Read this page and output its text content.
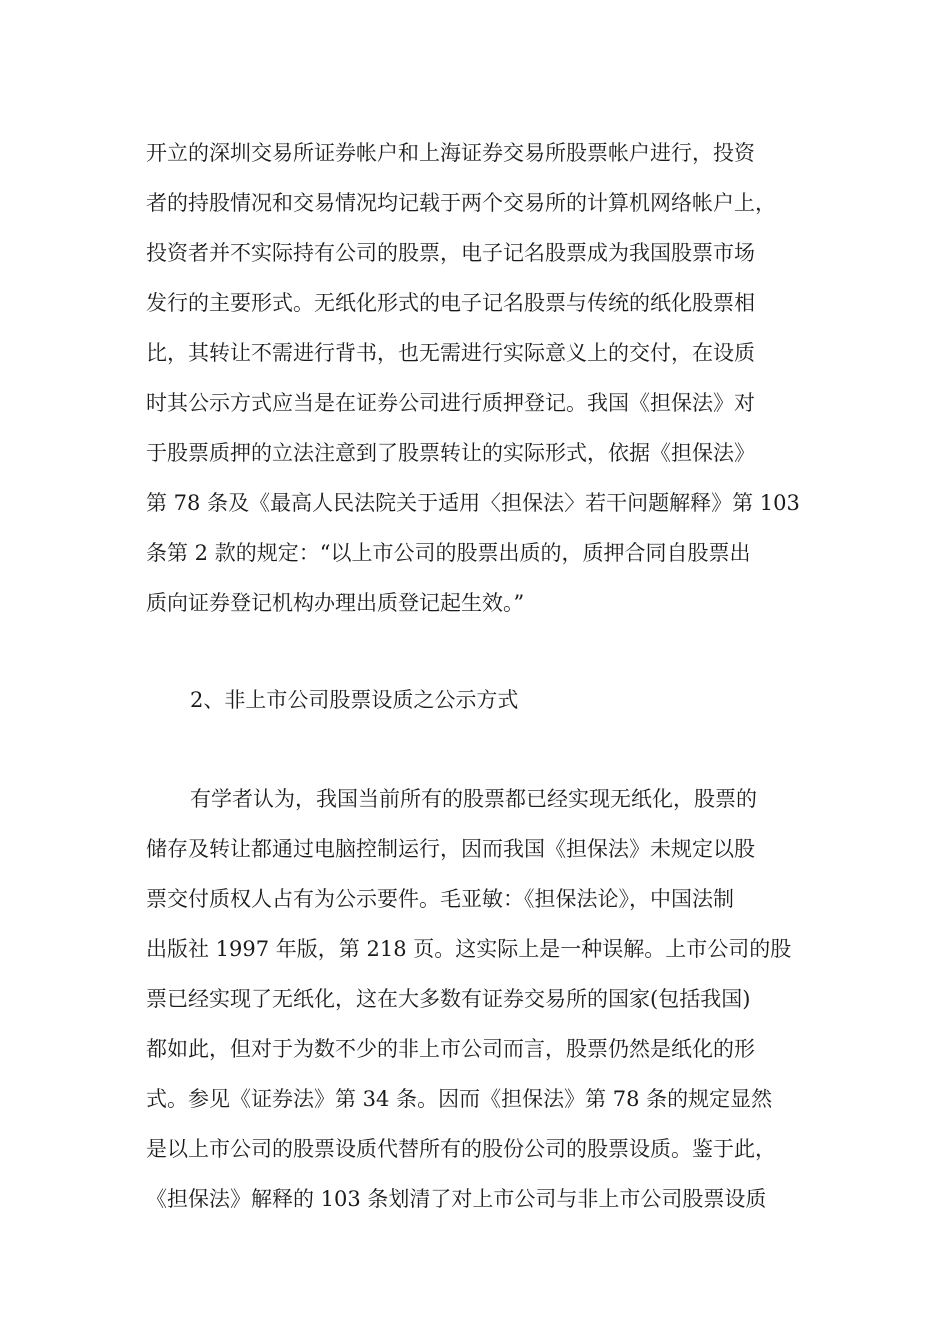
开立的深圳交易所证券帐户和上海证券交易所股票帐户进行，投资
者的持股情况和交易情况均记载于两个交易所的计算机网络帐户上，
投资者并不实际持有公司的股票，电子记名股票成为我国股票市场
发行的主要形式。无纸化形式的电子记名股票与传统的纸化股票相
比，其转让不需进行背书，也无需进行实际意义上的交付，在设质
时其公示方式应当是在证券公司进行质押登记。我国《担保法》对
于股票质押的立法注意到了股票转让的实际形式，依据《担保法》
第 78 条及《最高人民法院关于适用〈担保法〉若干问题解释》第 103
条第 2 款的规定：“以上市公司的股票出质的，质押合同自股票出
质向证券登记机构办理出质登记起生效。”
2、非上市公司股票设质之公示方式
有学者认为，我国当前所有的股票都已经实现无纸化，股票的
储存及转让都通过电脑控制运行，因而我国《担保法》未规定以股
票交付质权人占有为公示要件。毛亚敏：《担保法论》，中国法制
出版社 1997 年版，第 218 页。这实际上是一种误解。上市公司的股
票已经实现了无纸化，这在大多数有证券交易所的国家(包括我国)
都如此，但对于为数不少的非上市公司而言，股票仍然是纸化的形
式。参见《证券法》第 34 条。因而《担保法》第 78 条的规定显然
是以上市公司的股票设质代替所有的股份公司的股票设质。鉴于此，
《担保法》解释的 103 条划清了对上市公司与非上市公司股票设质
